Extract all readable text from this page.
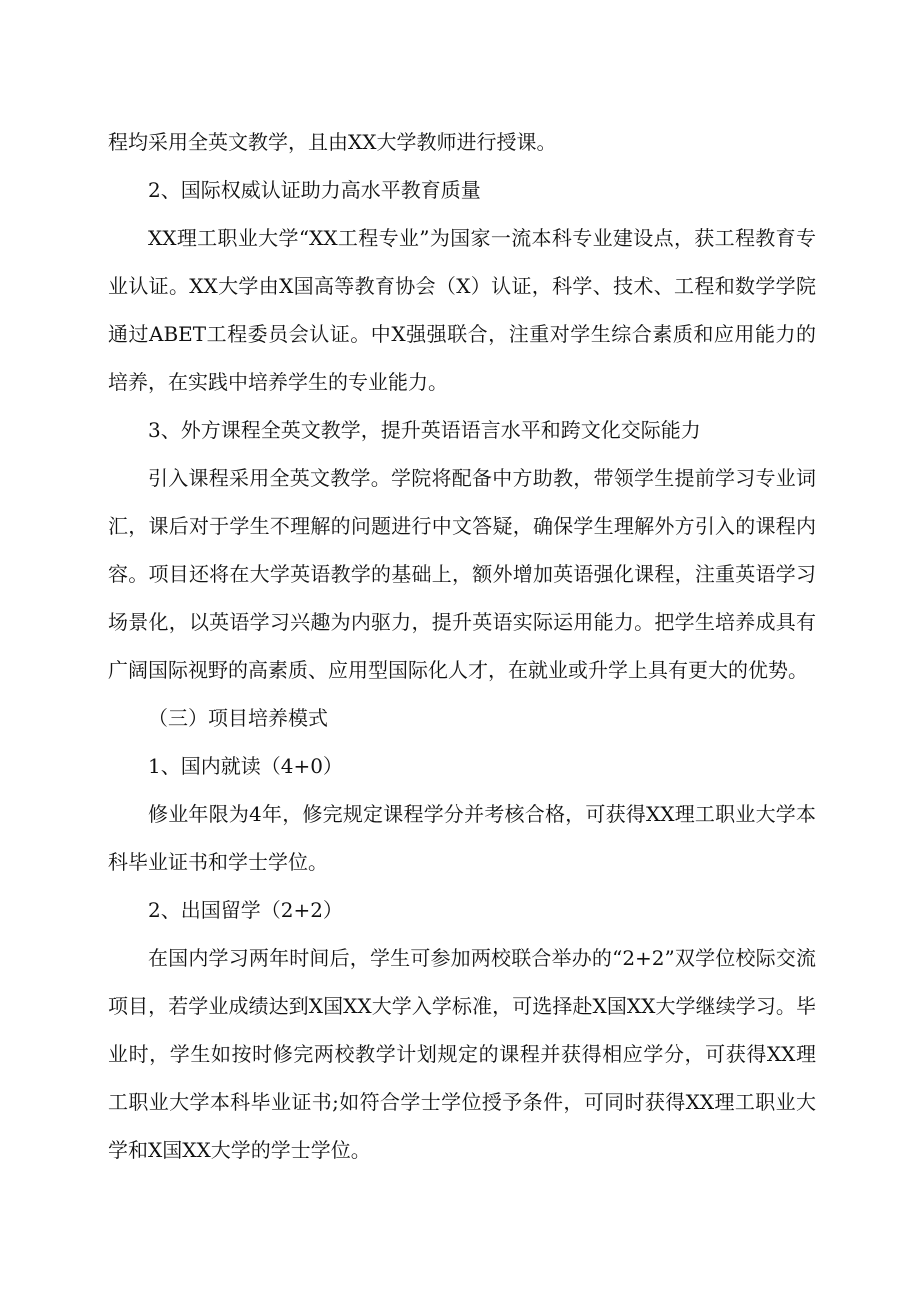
程均采用全英文教学，且由XX大学教师进行授课。

2、国际权威认证助力高水平教育质量

XX理工职业大学“XX工程专业”为国家一流本科专业建设点，获工程教育专业认证。XX大学由X国高等教育协会（X）认证，科学、技术、工程和数学学院通过ABET工程委员会认证。中X强强联合，注重对学生综合素质和应用能力的培养，在实践中培养学生的专业能力。

3、外方课程全英文教学，提升英语语言水平和跨文化交际能力

引入课程采用全英文教学。学院将配备中方助教，带领学生提前学习专业词汇，课后对于学生不理解的问题进行中文答疑，确保学生理解外方引入的课程内容。项目还将在大学英语教学的基础上，额外增加英语强化课程，注重英语学习场景化，以英语学习兴趣为内驱力，提升英语实际运用能力。把学生培养成具有广阔国际视野的高素质、应用型国际化人才，在就业或升学上具有更大的优势。

（三）项目培养模式

1、国内就读（4+0）

修业年限为4年，修完规定课程学分并考核合格，可获得XX理工职业大学本科毕业证书和学士学位。

2、出国留学（2+2）

在国内学习两年时间后，学生可参加两校联合举办的“2+2”双学位校际交流项目，若学业成绩达到X国XX大学入学标准，可选择赴X国XX大学继续学习。毕业时，学生如按时修完两校教学计划规定的课程并获得相应学分，可获得XX理工职业大学本科毕业证书;如符合学士学位授予条件，可同时获得XX理工职业大学和X国XX大学的学士学位。
